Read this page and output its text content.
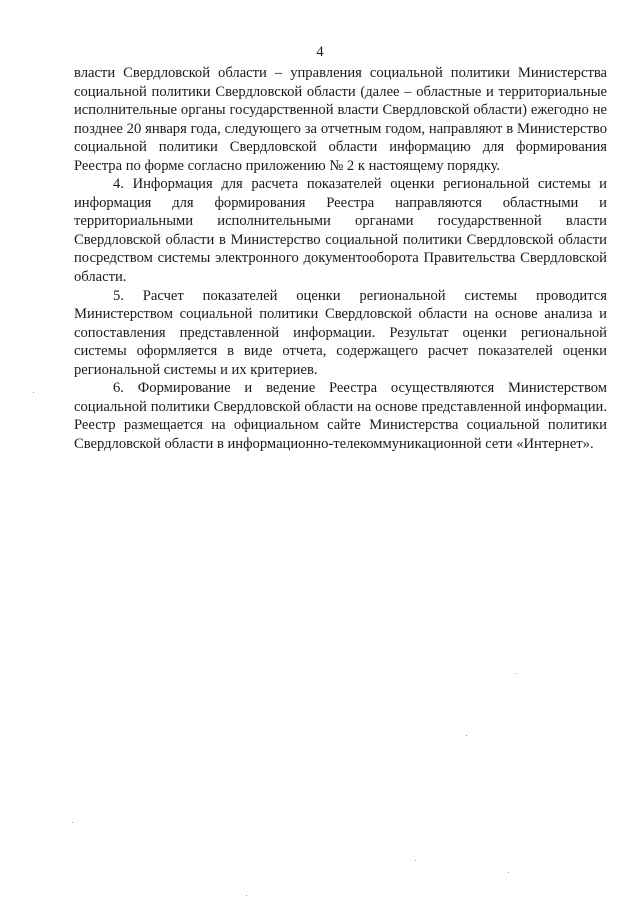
4

власти Свердловской области – управления социальной политики Министерства социальной политики Свердловской области (далее – областные и территориальные исполнительные органы государственной власти Свердловской области) ежегодно не позднее 20 января года, следующего за отчетным годом, направляют в Министерство социальной политики Свердловской области информацию для формирования Реестра по форме согласно приложению № 2 к настоящему порядку.

4. Информация для расчета показателей оценки региональной системы и информация для формирования Реестра направляются областными и территориальными исполнительными органами государственной власти Свердловской области в Министерство социальной политики Свердловской области посредством системы электронного документооборота Правительства Свердловской области.

5. Расчет показателей оценки региональной системы проводится Министерством социальной политики Свердловской области на основе анализа и сопоставления представленной информации. Результат оценки региональной системы оформляется в виде отчета, содержащего расчет показателей оценки региональной системы и их критериев.

6. Формирование и ведение Реестра осуществляются Министерством социальной политики Свердловской области на основе представленной информации. Реестр размещается на официальном сайте Министерства социальной политики Свердловской области в информационно-телекоммуникационной сети «Интернет».
